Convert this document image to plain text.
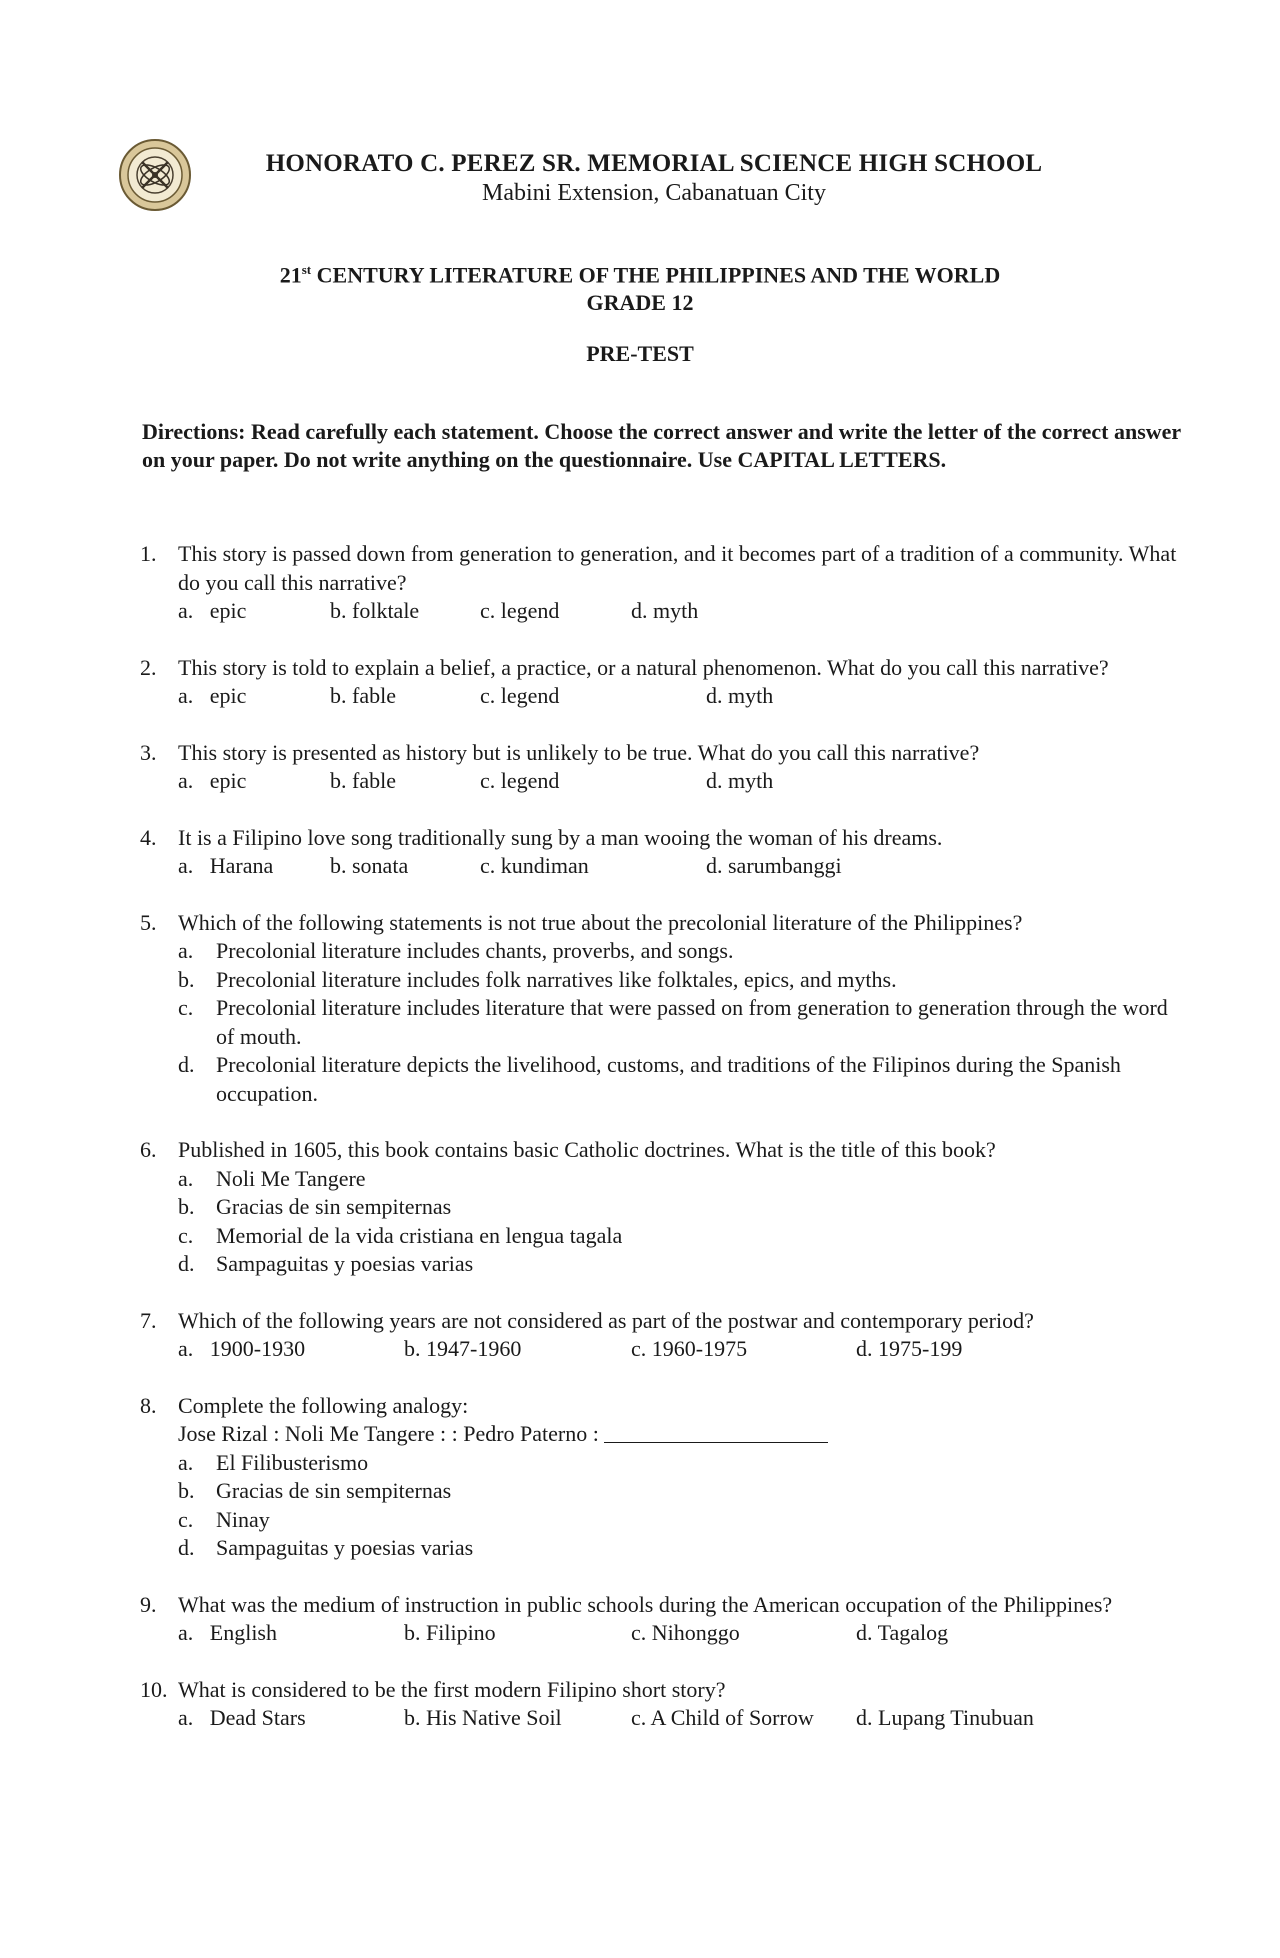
HONORATO C. PEREZ SR. MEMORIAL SCIENCE HIGH SCHOOL
Mabini Extension, Cabanatuan City
21st CENTURY LITERATURE OF THE PHILIPPINES AND THE WORLD
GRADE 12
PRE-TEST
Directions: Read carefully each statement. Choose the correct answer and write the letter of the correct answer on your paper. Do not write anything on the questionnaire. Use CAPITAL LETTERS.
1. This story is passed down from generation to generation, and it becomes part of a tradition of a community. What do you call this narrative?
a.   epic	b. folktale	c. legend	d. myth
2. This story is told to explain a belief, a practice, or a natural phenomenon. What do you call this narrative?
a.   epic	b. fable	c. legend	d. myth
3. This story is presented as history but is unlikely to be true. What do you call this narrative?
a.   epic	b. fable	c. legend	d. myth
4. It is a Filipino love song traditionally sung by a man wooing the woman of his dreams.
a.   Harana	b. sonata	c. kundiman	d. sarumbanggi
5. Which of the following statements is not true about the precolonial literature of the Philippines?
a. Precolonial literature includes chants, proverbs, and songs.
b. Precolonial literature includes folk narratives like folktales, epics, and myths.
c. Precolonial literature includes literature that were passed on from generation to generation through the word of mouth.
d. Precolonial literature depicts the livelihood, customs, and traditions of the Filipinos during the Spanish occupation.
6. Published in 1605, this book contains basic Catholic doctrines. What is the title of this book?
a. Noli Me Tangere
b. Gracias de sin sempiternas
c. Memorial de la vida cristiana en lengua tagala
d. Sampaguitas y poesias varias
7. Which of the following years are not considered as part of the postwar and contemporary period?
a.   1900-1930	b. 1947-1960	c. 1960-1975	d. 1975-199
8. Complete the following analogy:
Jose Rizal : Noli Me Tangere : : Pedro Paterno :
a. El Filibusterismo
b. Gracias de sin sempiternas
c. Ninay
d. Sampaguitas y poesias varias
9. What was the medium of instruction in public schools during the American occupation of the Philippines?
a.   English	b. Filipino	c. Nihonggo	d. Tagalog
10. What is considered to be the first modern Filipino short story?
a.   Dead Stars	b. His Native Soil	c. A Child of Sorrow d. Lupang Tinubuan
